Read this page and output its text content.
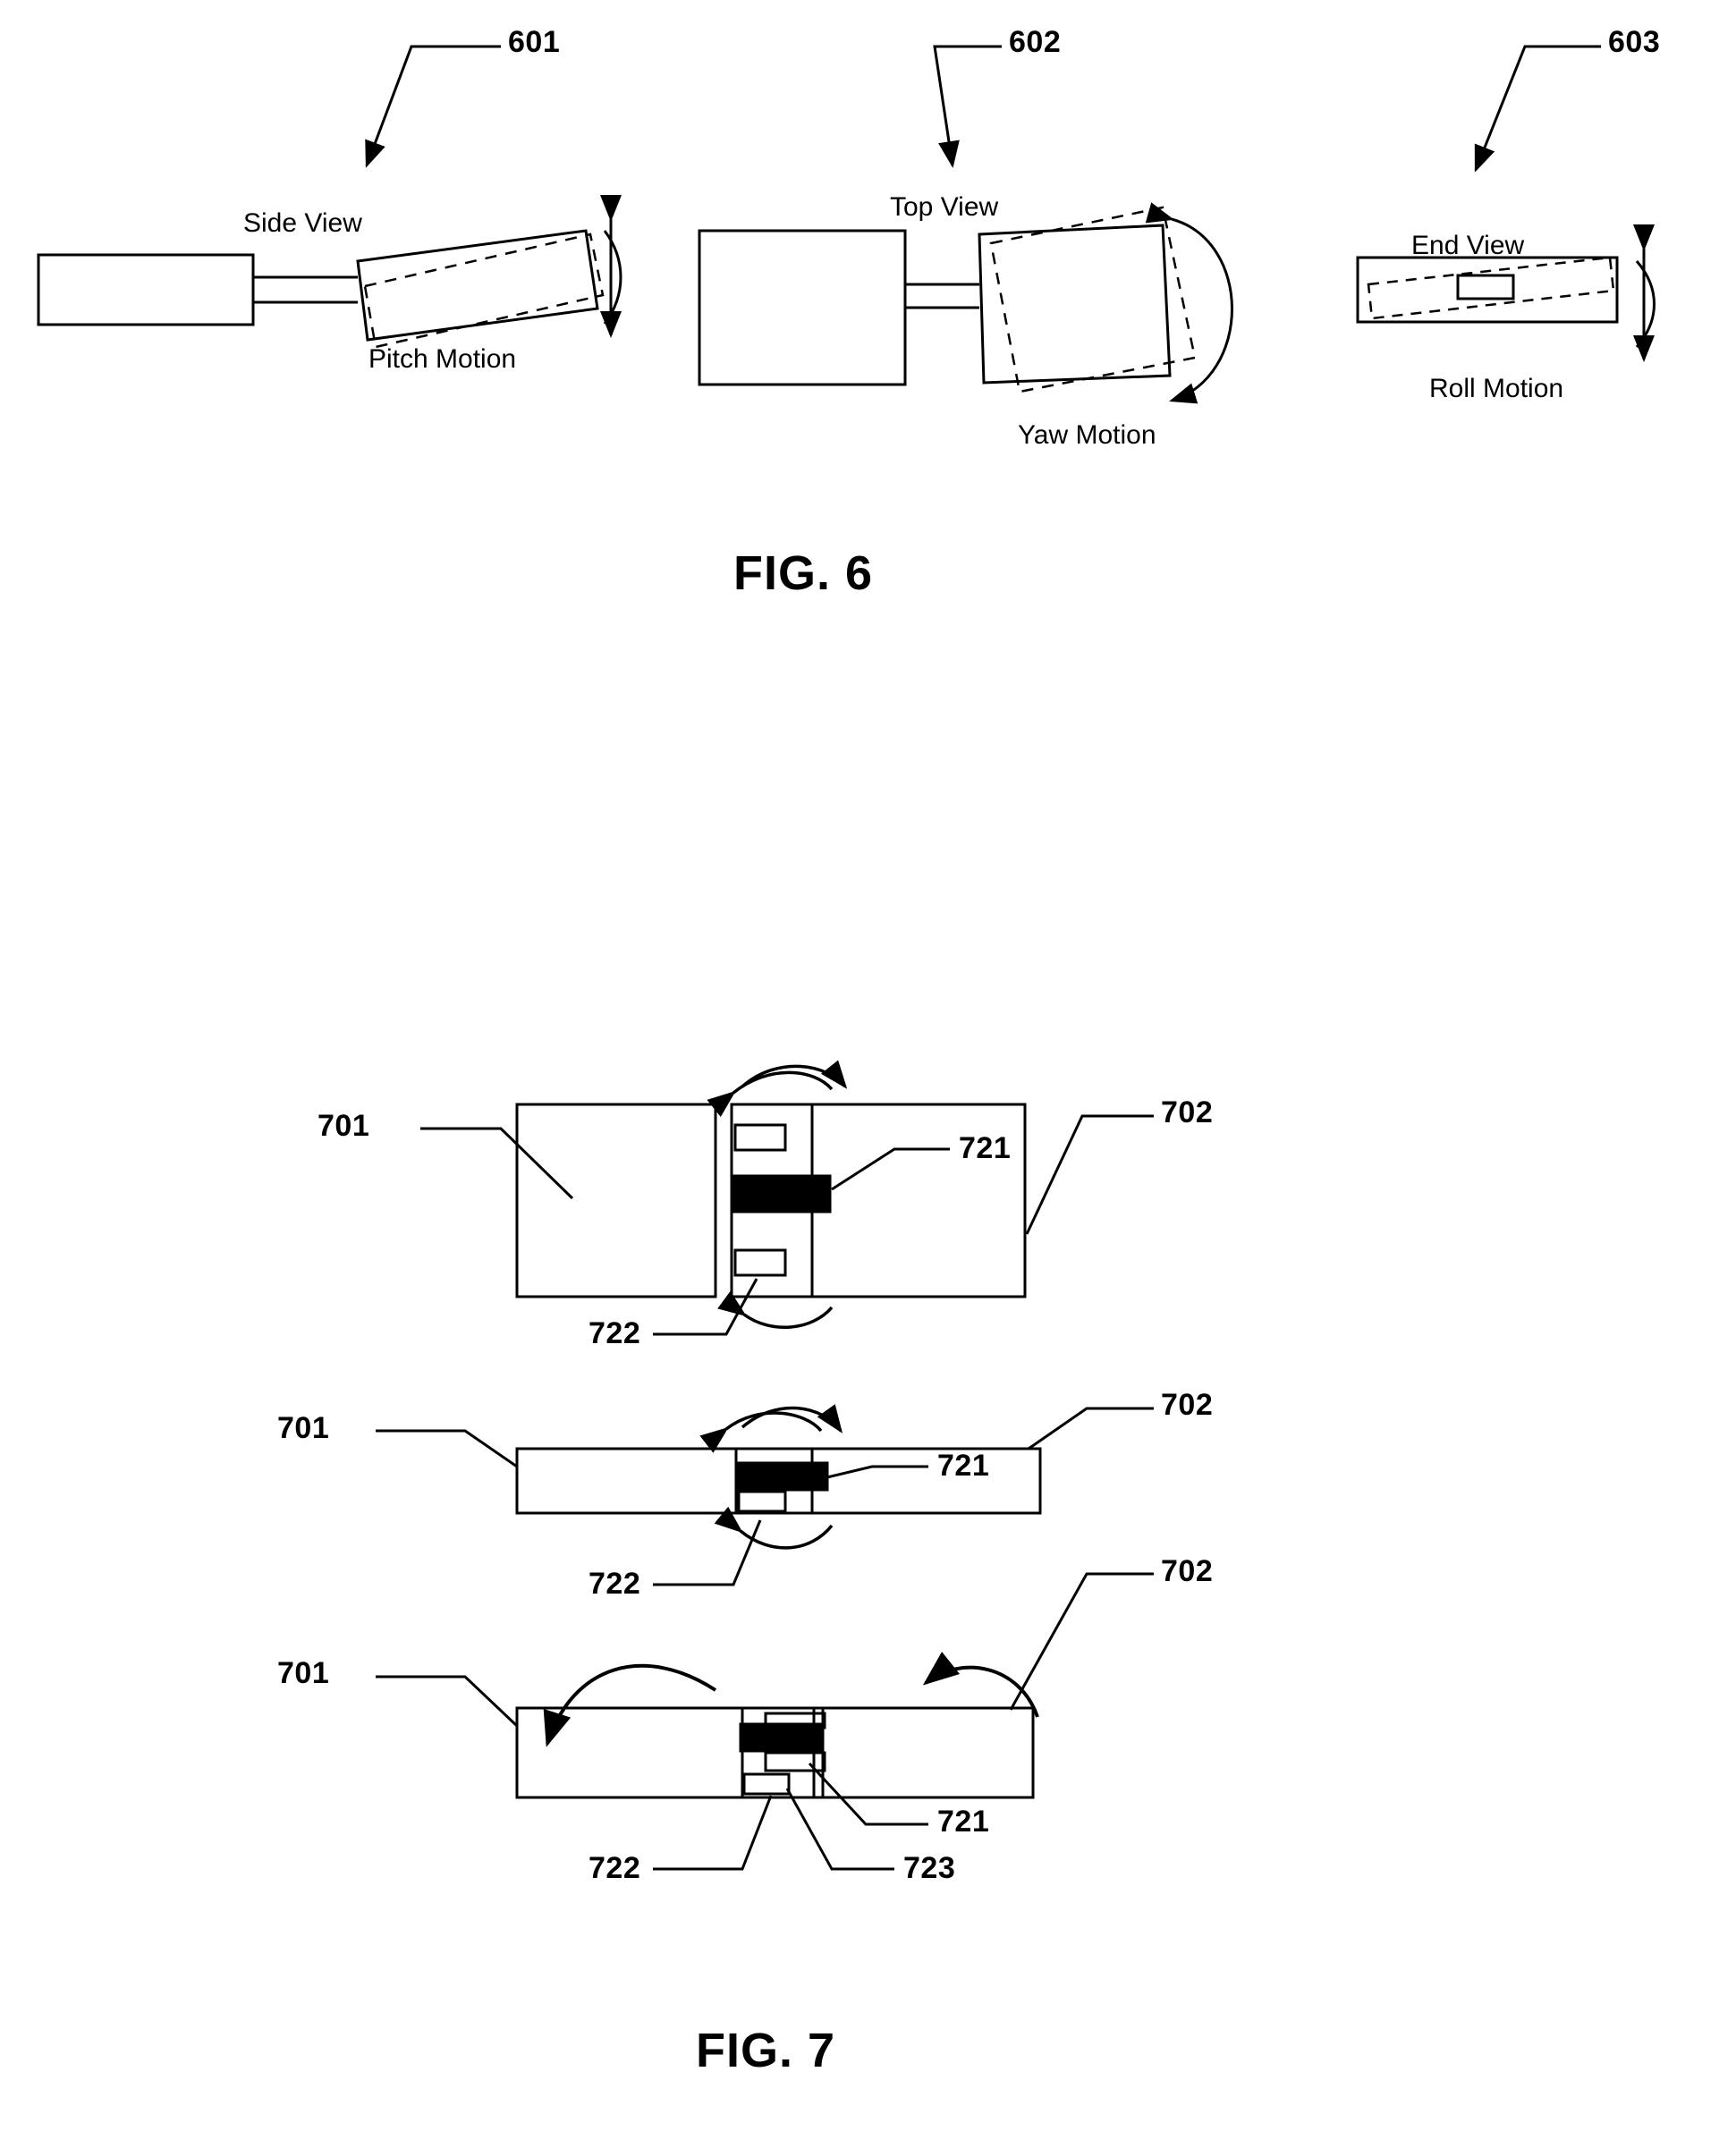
601	602	603
Side View
Pitch Motion
Top View
Yaw Motion
End View
Roll Motion
FIG. 6
701	702
721
722
701
702
721
722
701
702
721
722	723
FIG. 7
